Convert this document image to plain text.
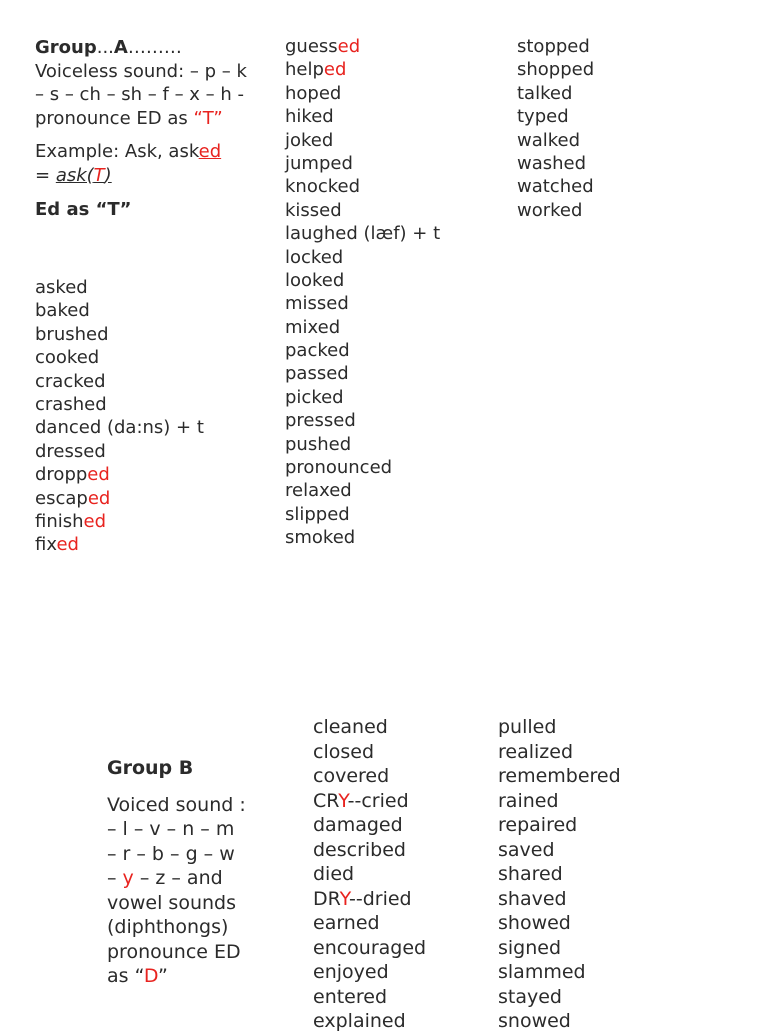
Group...A………
Voiceless sound: – p – k – s – ch – sh – f – x – h - pronounce ED as “T”
Example: Ask, asked
= ask(T)
Ed as “T”
asked
baked
brushed
cooked
cracked
crashed
danced (da:ns) + t
dressed
dropped
escaped
finished
fixed
guessed
helped
hoped
hiked
joked
jumped
knocked
kissed
laughed (læf) + t
locked
looked
missed
mixed
packed
passed
picked
pressed
pushed
pronounced
relaxed
slipped
smoked
stopped
shopped
talked
typed
walked
washed
watched
worked
Group B
Voiced sound :
– l – v – n – m
– r – b – g – w
– y – z – and
vowel sounds
(diphthongs)
pronounce ED
as “D”
cleaned
closed
covered
CRY--cried
damaged
described
died
DRY--dried
earned
encouraged
enjoyed
entered
explained
pulled
realized
remembered
rained
repaired
saved
shared
shaved
showed
signed
slammed
stayed
snowed
